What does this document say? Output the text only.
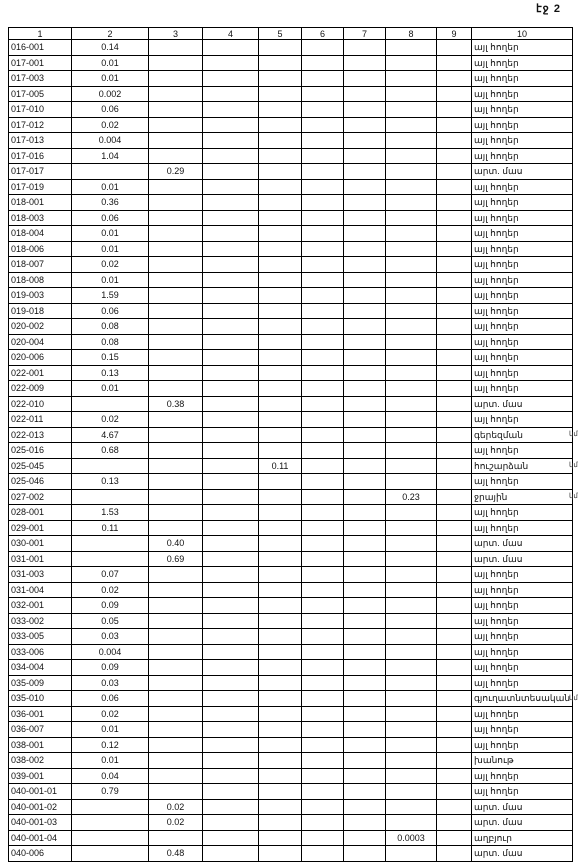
էջ 2
1	2	3	4	5	6	7	8	9	10
016-001	0.14								այլ հողեր
017-001	0.01								այլ հողեր
017-003	0.01								այլ հողեր
017-005	0.002								այլ հողեր
017-010	0.06								այլ հողեր
017-012	0.02								այլ հողեր
017-013	0.004								այլ հողեր
017-016	1.04								այլ հողեր
017-017		0.29							արտ. մաս
017-019	0.01								այլ հողեր
018-001	0.36								այլ հողեր
018-003	0.06								այլ հողեր
018-004	0.01								այլ հողեր
018-006	0.01								այլ հողեր
018-007	0.02								այլ հողեր
018-008	0.01								այլ հողեր
019-003	1.59								այլ հողեր
019-018	0.06								այլ հողեր
020-002	0.08								այլ հողեր
020-004	0.08								այլ հողեր
020-006	0.15								այլ հողեր
022-001	0.13								այլ հողեր
022-009	0.01								այլ հողեր
022-010		0.38							արտ. մաս
022-011	0.02								այլ հողեր
022-013	4.67								գերեզման
025-016	0.68								այլ հողեր
025-045				0.11					հուշարձան
025-046	0.13								այլ հողեր
027-002							0.23		ջրային
028-001	1.53								այլ հողեր
029-001	0.11								այլ հողեր
030-001		0.40							արտ. մաս
031-001		0.69							արտ. մաս
031-003	0.07								այլ հողեր
031-004	0.02								այլ հողեր
032-001	0.09								այլ հողեր
033-002	0.05								այլ հողեր
033-005	0.03								այլ հողեր
033-006	0.004								այլ հողեր
034-004	0.09								այլ հողեր
035-009	0.03								այլ հողեր
035-010	0.06								գյուղատնտեսական
036-001	0.02								այլ հողեր
036-007	0.01								այլ հողեր
038-001	0.12								այլ հողեր
038-002	0.01								խանութ
039-001	0.04								այլ հողեր
040-001-01	0.79								այլ հողեր
040-001-02		0.02							արտ. մաս
040-001-03		0.02							արտ. մաս
040-001-04							0.0003		աղբյուր
040-006		0.48							արտ. մաս
կմ
կմ
կմ
կմ
